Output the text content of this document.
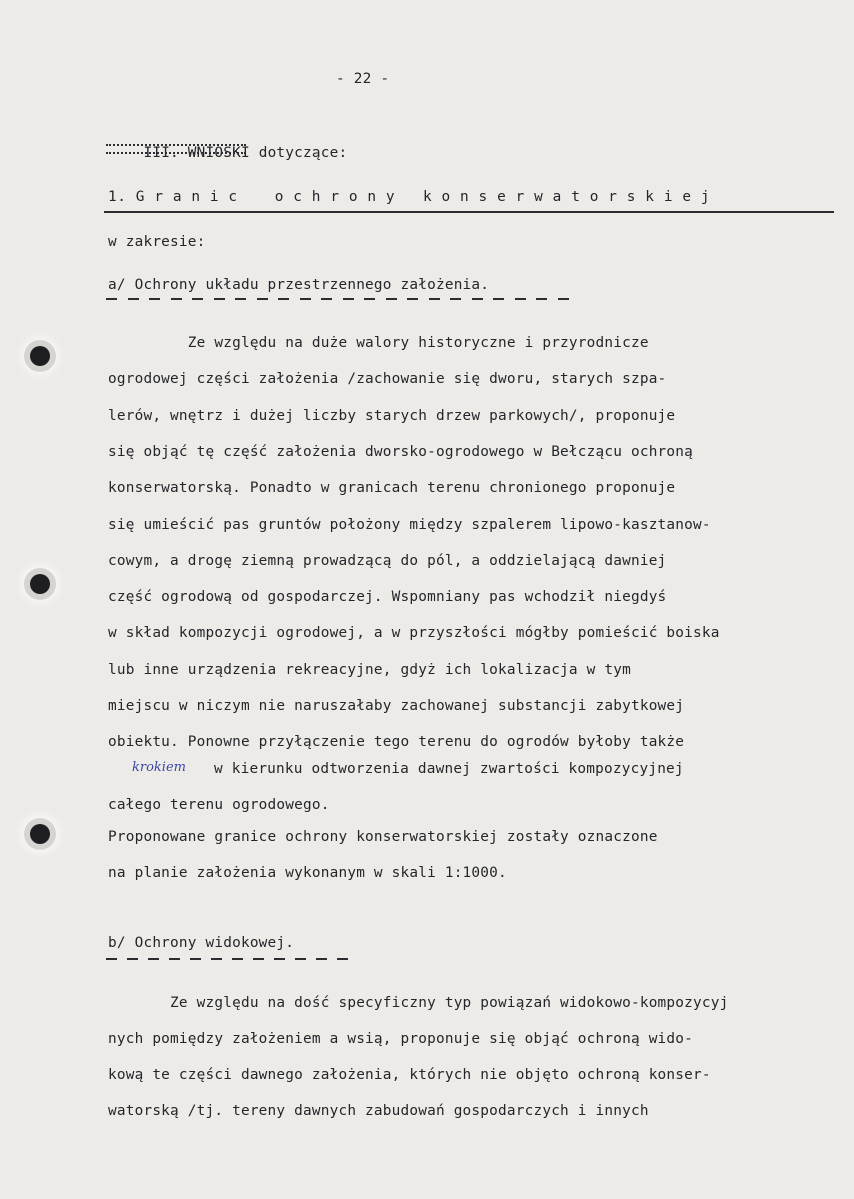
- 22 -

III. WNIOSKI dotyczące:

1. G r a n i c    o c h r o n y   k o n s e r w a t o r s k i e j
w zakresie:
a/ Ochrony układu przestrzennego założenia.
Ze względu na duże walory historyczne i przyrodnicze
ogrodowej części założenia /zachowanie się dworu, starych szpa-
lerów, wnętrz i dużej liczby starych drzew parkowych/, proponuje
się objąć tę część założenia dworsko-ogrodowego w Bełczącu ochroną
konserwatorską. Ponadto w granicach terenu chronionego proponuje
się umieścić pas gruntów położony między szpalerem lipowo-kasztanow-
cowym, a drogę ziemną prowadzącą do pól, a oddzielającą dawniej
część ogrodową od gospodarczej. Wspomniany pas wchodził niegdyś
w skład kompozycji ogrodowej, a w przyszłości mógłby pomieścić boiska
lub inne urządzenia rekreacyjne, gdyż ich lokalizacja w tym
miejscu w niczym nie naruszałaby zachowanej substancji zabytkowej
obiektu. Ponowne przyłączenie tego terenu do ogrodów byłoby także
krokiem w kierunku odtworzenia dawnej zwartości kompozycyjnej
całego terenu ogrodowego.
Proponowane granice ochrony konserwatorskiej zostały oznaczone
na planie założenia wykonanym w skali 1:1000.
b/ Ochrony widokowej.
Ze względu na dość specyficzny typ powiązań widokowo-kompozycyj
nych pomiędzy założeniem a wsią, proponuje się objąć ochroną wido-
kową te części dawnego założenia, których nie objęto ochroną konser-
watorską /tj. tereny dawnych zabudowań gospodarczych i innych
